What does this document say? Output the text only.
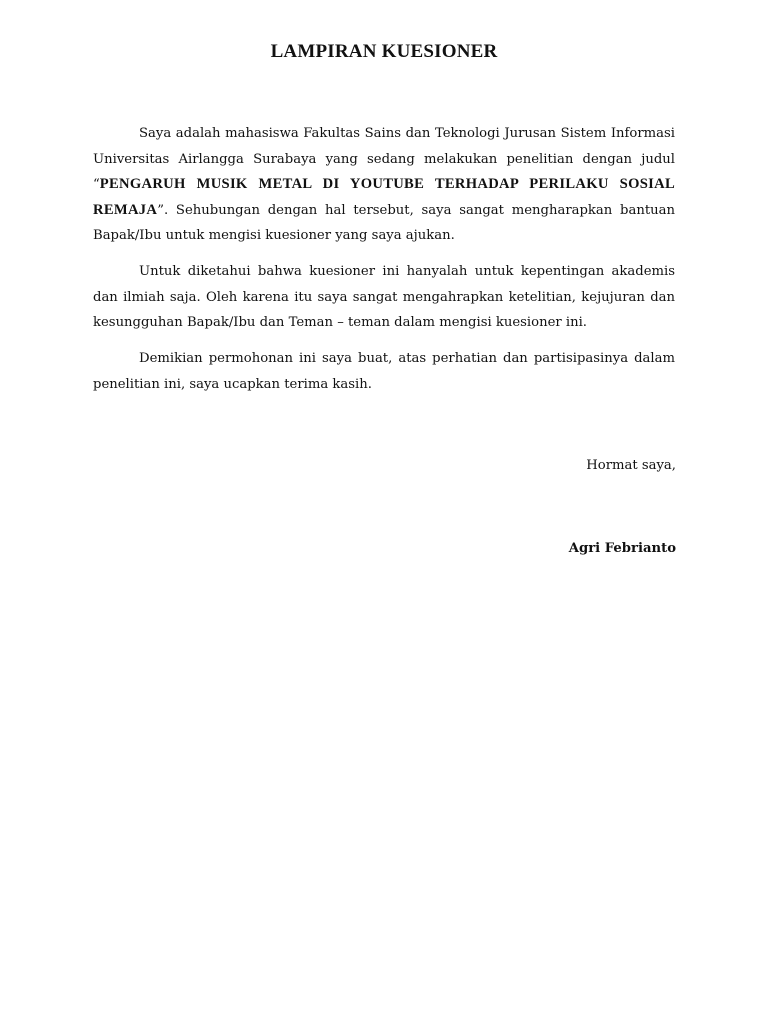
LAMPIRAN KUESIONER

Saya adalah mahasiswa Fakultas Sains dan Teknologi Jurusan Sistem Informasi Universitas Airlangga Surabaya yang sedang melakukan penelitian dengan judul “PENGARUH MUSIK METAL DI YOUTUBE TERHADAP PERILAKU SOSIAL REMAJA”. Sehubungan dengan hal tersebut, saya sangat mengharapkan bantuan Bapak/Ibu untuk mengisi kuesioner yang saya ajukan.

Untuk diketahui bahwa kuesioner ini hanyalah untuk kepentingan akademis dan ilmiah saja. Oleh karena itu saya sangat mengahrapkan ketelitian, kejujuran dan kesungguhan Bapak/Ibu dan Teman – teman dalam mengisi kuesioner ini.

Demikian permohonan ini saya buat, atas perhatian dan partisipasinya dalam penelitian ini, saya ucapkan terima kasih.

Hormat saya,

Agri Febrianto
